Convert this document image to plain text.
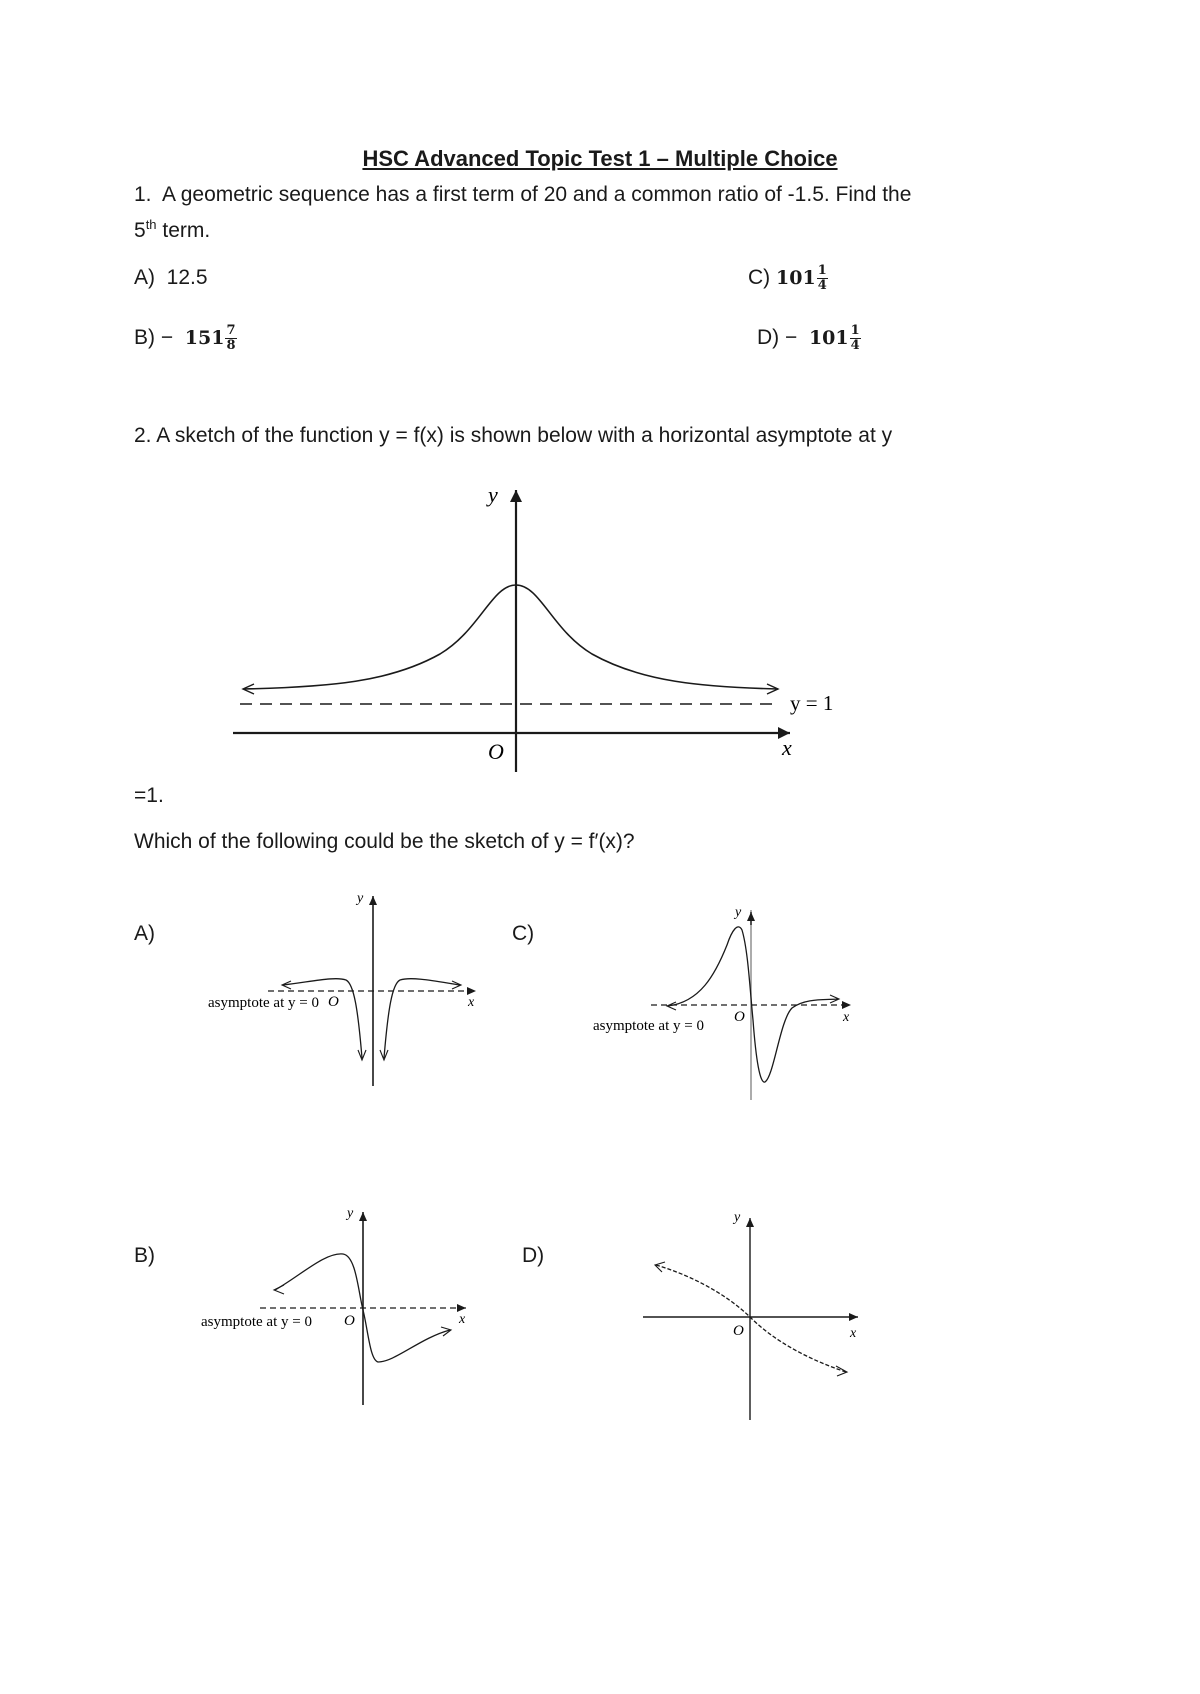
HSC Advanced Topic Test 1 – Multiple Choice
1. A geometric sequence has a first term of 20 and a common ratio of -1.5. Find the
5th term.
A) 12.5	C) $101 \frac{1}{4}$
$B) - 151 \frac{7}{8}$	$D) - 101 \frac{1}{4}$
2. A sketch of the function y = f(x) is shown below with a horizontal asymptote at y
y
x
O
y = 1
=1.
Which of the following could be the sketch of y = f′(x)?
A)	C)
B)	D)
y
x
O
asymptote at y = 0
y
x
O
asymptote at y = 0
y
x
O
asymptote at y = 0
y
x
O
